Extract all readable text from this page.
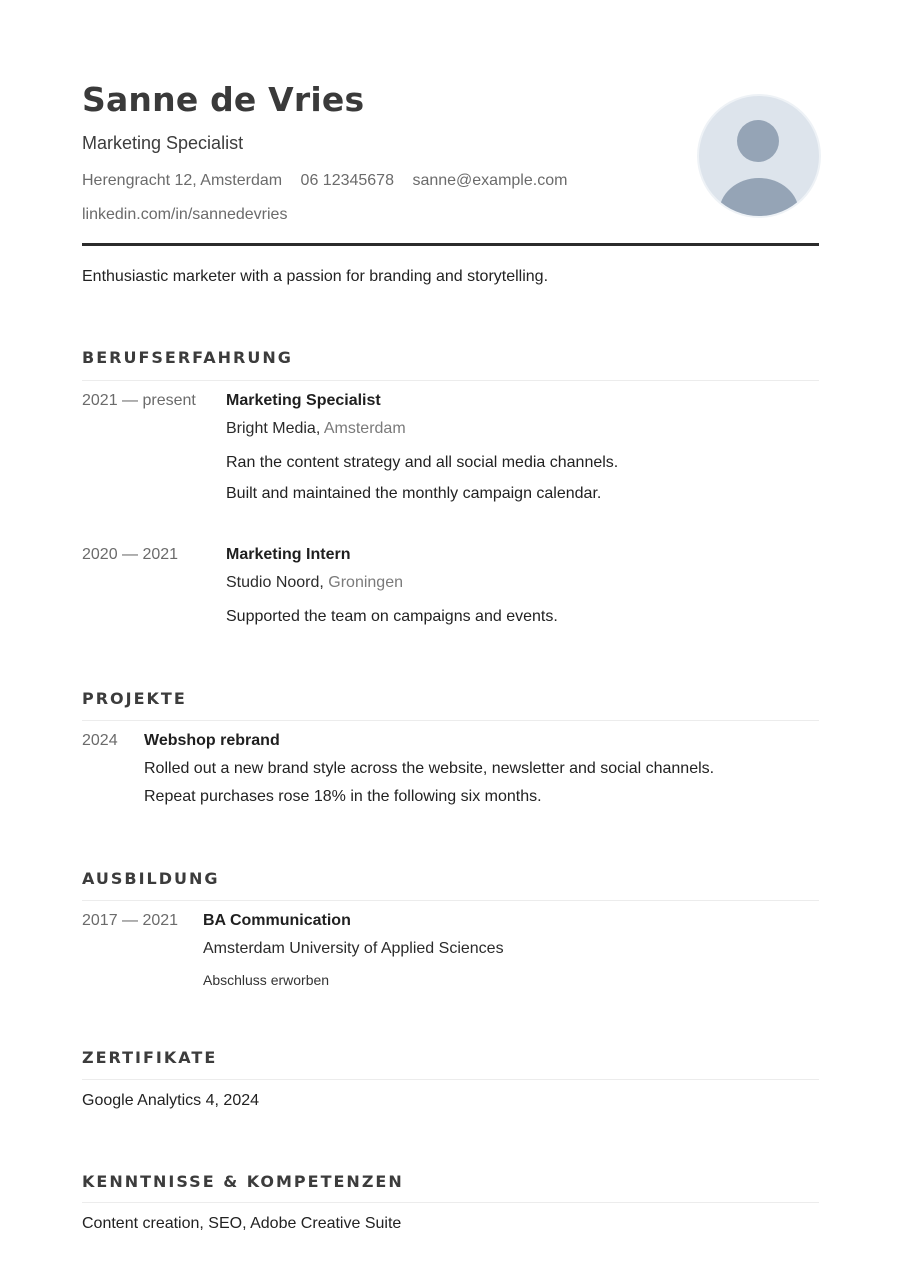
Sanne de Vries
Marketing Specialist
Herengracht 12, Amsterdam 06 12345678 sanne@example.com
linkedin.com/in/sannedevries
Enthusiastic marketer with a passion for branding and storytelling.
BERUFSERFAHRUNG
2021 — present Marketing Specialist
Bright Media, Amsterdam
Ran the content strategy and all social media channels.
Built and maintained the monthly campaign calendar.
2020 — 2021	Marketing Intern
Studio Noord, Groningen
Supported the team on campaigns and events.
PROJEKTE
2024 Webshop rebrand
Rolled out a new brand style across the website, newsletter and social channels.
Repeat purchases rose 18% in the following six months.
AUSBILDUNG
2017 — 2021 BA Communication
Amsterdam University of Applied Sciences
Abschluss erworben
ZERTIFIKATE
Google Analytics 4, 2024
KENNTNISSE & KOMPETENZEN
Content creation, SEO, Adobe Creative Suite
